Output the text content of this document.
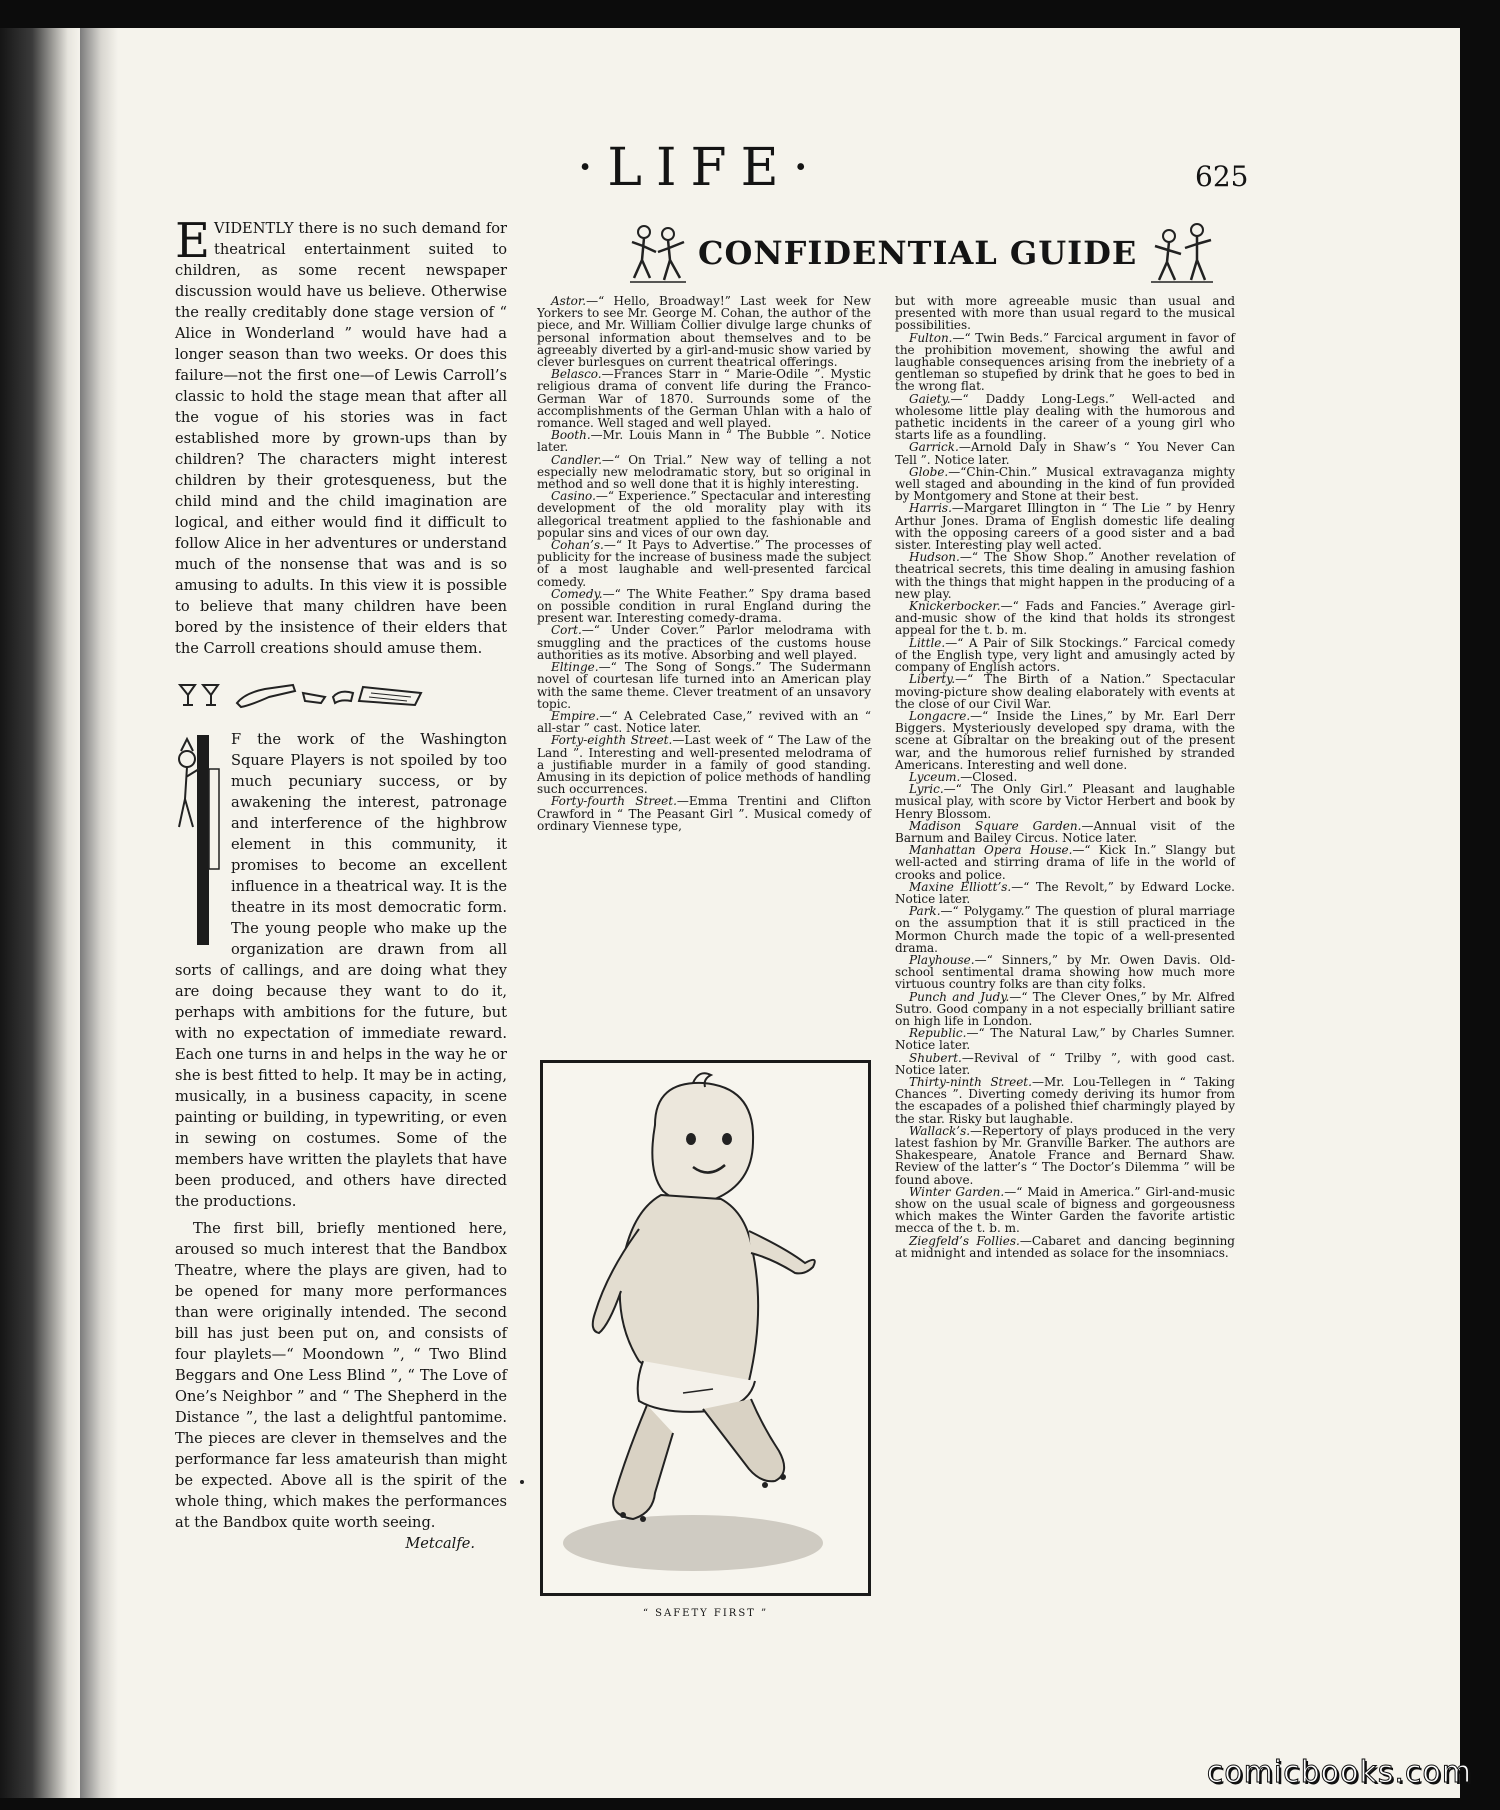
·LIFE·	625
CONFIDENTIAL GUIDE

EVIDENTLY there is no such demand for theatrical entertainment suited to children, as some recent newspaper discussion would have us believe. Otherwise the really creditably done stage version of “ Alice in Wonderland ” would have had a longer season than two weeks. Or does this failure—not the first one—of Lewis Carroll’s classic to hold the stage mean that after all the vogue of his stories was in fact established more by grown-ups than by children? The characters might interest children by their grotesqueness, but the child mind and the child imagination are logical, and either would find it difficult to follow Alice in her adventures or understand much of the nonsense that was and is so amusing to adults. In this view it is possible to believe that many children have been bored by the insistence of their elders that the Carroll creations should amuse them.

F the work of the Washington Square Players is not spoiled by too much pecuniary success, or by awakening the interest, patronage and interference of the highbrow element in this community, it promises to become an excellent influence in a theatrical way. It is the theatre in its most democratic form. The young people who make up the organization are drawn from all sorts of callings, and are doing what they are doing because they want to do it, perhaps with ambitions for the future, but with no expectation of immediate reward. Each one turns in and helps in the way he or she is best fitted to help. It may be in acting, musically, in a business capacity, in scene painting or building, in typewriting, or even in sewing on costumes. Some of the members have written the playlets that have been produced, and others have directed the productions.

The first bill, briefly mentioned here, aroused so much interest that the Bandbox Theatre, where the plays are given, had to be opened for many more performances than were originally intended. The second bill has just been put on, and consists of four playlets—“ Moondown ”, “ Two Blind Beggars and One Less Blind ”, “ The Love of One’s Neighbor ” and “ The Shepherd in the Distance ”, the last a delightful pantomime. The pieces are clever in themselves and the performance far less amateurish than might be expected. Above all is the spirit of the whole thing, which makes the performances at the Bandbox quite worth seeing.

Metcalfe.

Astor.—“ Hello, Broadway!” Last week for New Yorkers to see Mr. George M. Cohan, the author of the piece, and Mr. William Collier divulge large chunks of personal information about themselves and to be agreeably diverted by a girl-and-music show varied by clever burlesques on current theatrical offerings.

Belasco.—Frances Starr in “ Marie-Odile ”. Mystic religious drama of convent life during the Franco-German War of 1870. Surrounds some of the accomplishments of the German Uhlan with a halo of romance. Well staged and well played.

Booth.—Mr. Louis Mann in “ The Bubble ”. Notice later.

Candler.—“ On Trial.” New way of telling a not especially new melodramatic story, but so original in method and so well done that it is highly interesting.

Casino.—“ Experience.” Spectacular and interesting development of the old morality play with its allegorical treatment applied to the fashionable and popular sins and vices of our own day.

Cohan’s.—“ It Pays to Advertise.” The processes of publicity for the increase of business made the subject of a most laughable and well-presented farcical comedy.

Comedy.—“ The White Feather.” Spy drama based on possible condition in rural England during the present war. Interesting comedy-drama.

Cort.—“ Under Cover.” Parlor melodrama with smuggling and the practices of the customs house authorities as its motive. Absorbing and well played.

Eltinge.—“ The Song of Songs.” The Sudermann novel of courtesan life turned into an American play with the same theme. Clever treatment of an unsavory topic.

Empire.—“ A Celebrated Case,” revived with an “ all-star ” cast. Notice later.

Forty-eighth Street.—Last week of “ The Law of the Land ”. Interesting and well-presented melodrama of a justifiable murder in a family of good standing. Amusing in its depiction of police methods of handling such occurrences.

Forty-fourth Street.—Emma Trentini and Clifton Crawford in “ The Peasant Girl ”. Musical comedy of ordinary Viennese type,

but with more agreeable music than usual and presented with more than usual regard to the musical possibilities.

Fulton.—“ Twin Beds.” Farcical argument in favor of the prohibition movement, showing the awful and laughable consequences arising from the inebriety of a gentleman so stupefied by drink that he goes to bed in the wrong flat.

Gaiety.—“ Daddy Long-Legs.” Well-acted and wholesome little play dealing with the humorous and pathetic incidents in the career of a young girl who starts life as a foundling.

Garrick.—Arnold Daly in Shaw’s “ You Never Can Tell ”. Notice later.

Globe.—“Chin-Chin.” Musical extravaganza mighty well staged and abounding in the kind of fun provided by Montgomery and Stone at their best.

Harris.—Margaret Illington in “ The Lie ” by Henry Arthur Jones. Drama of English domestic life dealing with the opposing careers of a good sister and a bad sister. Interesting play well acted.

Hudson.—“ The Show Shop.” Another revelation of theatrical secrets, this time dealing in amusing fashion with the things that might happen in the producing of a new play.

Knickerbocker.—“ Fads and Fancies.” Average girl-and-music show of the kind that holds its strongest appeal for the t. b. m.

Little.—“ A Pair of Silk Stockings.” Farcical comedy of the English type, very light and amusingly acted by company of English actors.

Liberty.—“ The Birth of a Nation.” Spectacular moving-picture show dealing elaborately with events at the close of our Civil War.

Longacre.—“ Inside the Lines,” by Mr. Earl Derr Biggers. Mysteriously developed spy drama, with the scene at Gibraltar on the breaking out of the present war, and the humorous relief furnished by stranded Americans. Interesting and well done.

Lyceum.—Closed.

Lyric.—“ The Only Girl.” Pleasant and laughable musical play, with score by Victor Herbert and book by Henry Blossom.

Madison Square Garden.—Annual visit of the Barnum and Bailey Circus. Notice later.

Manhattan Opera House.—“ Kick In.” Slangy but well-acted and stirring drama of life in the world of crooks and police.

Maxine Elliott’s.—“ The Revolt,” by Edward Locke. Notice later.

Park.—“ Polygamy.” The question of plural marriage on the assumption that it is still practiced in the Mormon Church made the topic of a well-presented drama.

Playhouse.—“ Sinners,” by Mr. Owen Davis. Old-school sentimental drama showing how much more virtuous country folks are than city folks.

Punch and Judy.—“ The Clever Ones,” by Mr. Alfred Sutro. Good company in a not especially brilliant satire on high life in London.

Republic.—“ The Natural Law,” by Charles Sumner. Notice later.

Shubert.—Revival of “ Trilby ”, with good cast. Notice later.

Thirty-ninth Street.—Mr. Lou-Tellegen in “ Taking Chances ”. Diverting comedy deriving its humor from the escapades of a polished thief charmingly played by the star. Risky but laughable.

Wallack’s.—Repertory of plays produced in the very latest fashion by Mr. Granville Barker. The authors are Shakespeare, Anatole France and Bernard Shaw. Review of the latter’s “ The Doctor’s Dilemma ” will be found above.

Winter Garden.—“ Maid in America.” Girl-and-music show on the usual scale of bigness and gorgeousness which makes the Winter Garden the favorite artistic mecca of the t. b. m.

Ziegfeld’s Follies.—Cabaret and dancing beginning at midnight and intended as solace for the insomniacs.

“ SAFETY FIRST ”
comicbooks.com
